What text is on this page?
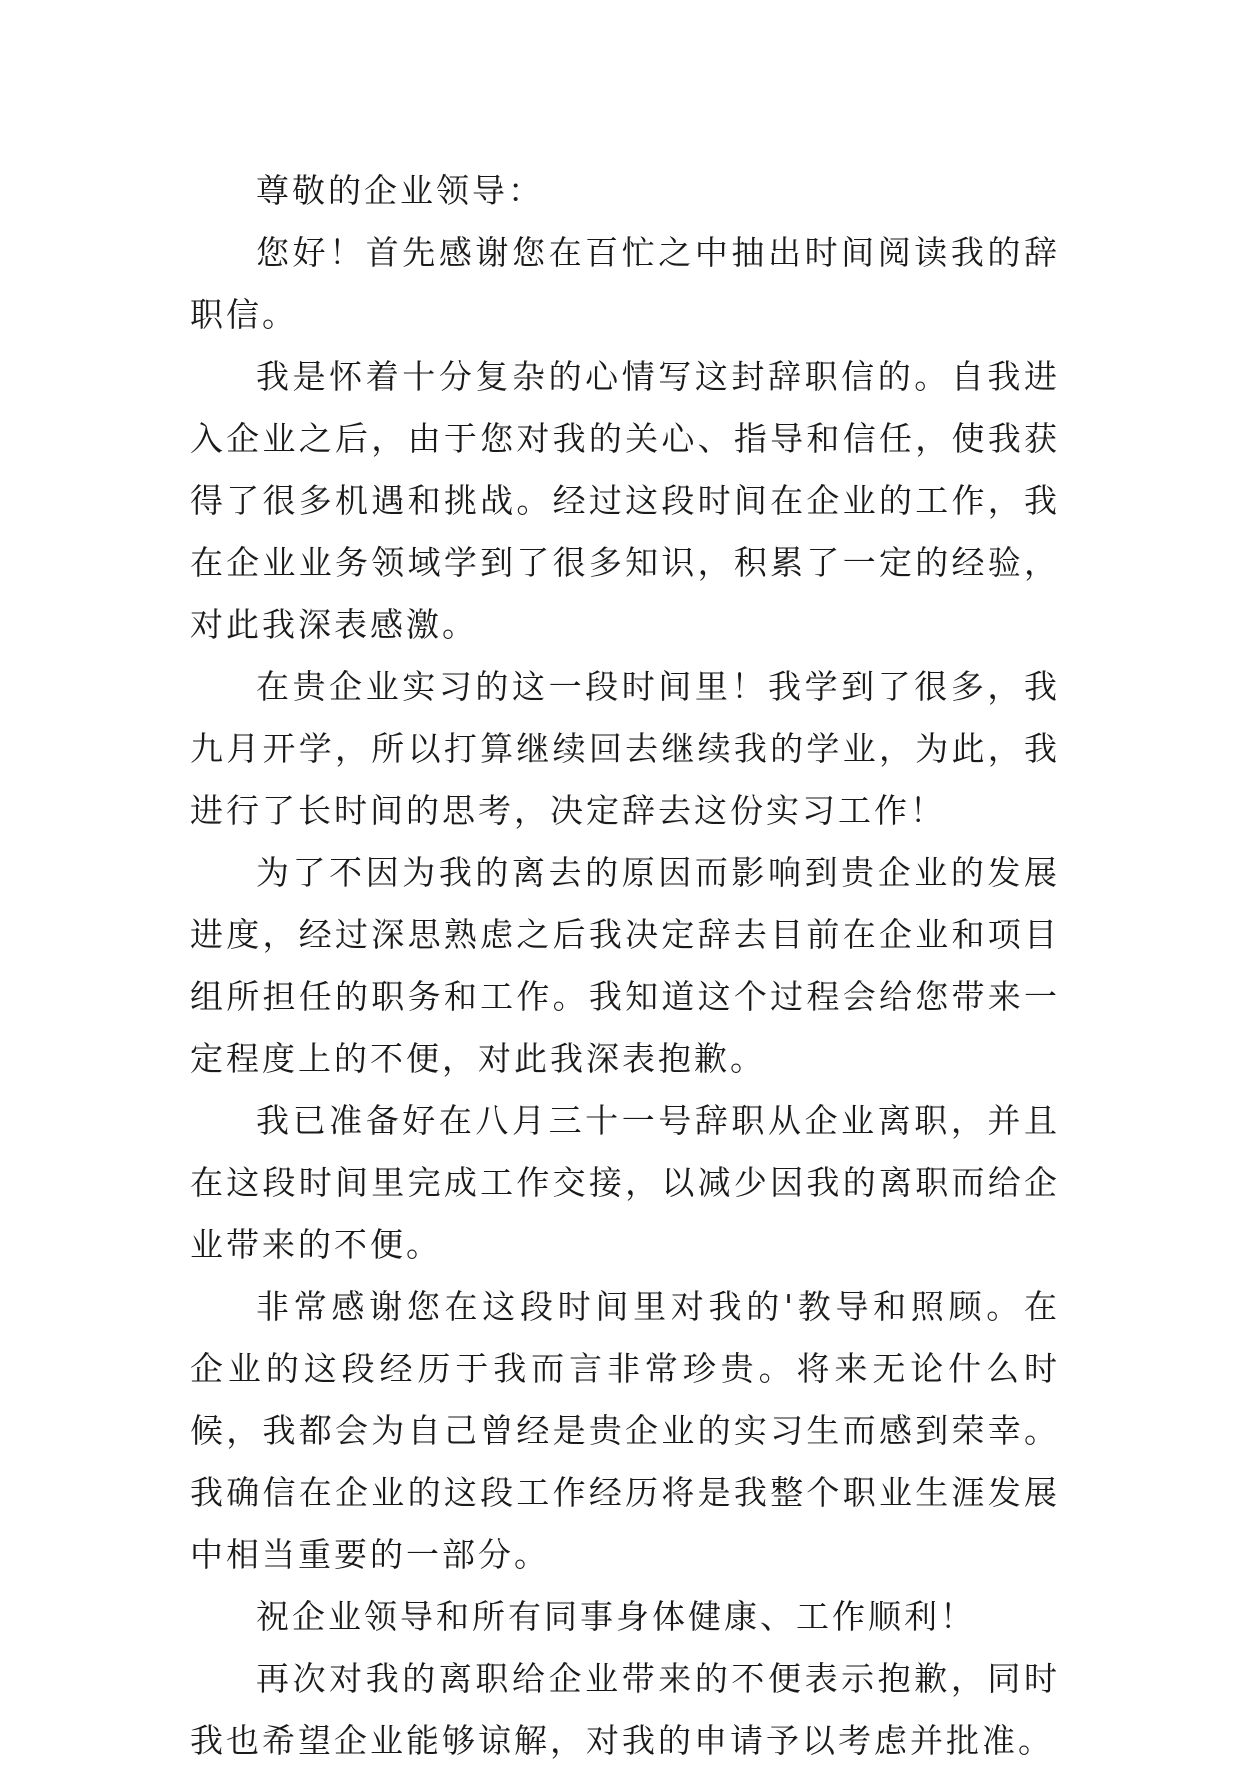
尊敬的企业领导：

您好！首先感谢您在百忙之中抽出时间阅读我的辞职信。

我是怀着十分复杂的心情写这封辞职信的。自我进入企业之后，由于您对我的关心、指导和信任，使我获得了很多机遇和挑战。经过这段时间在企业的工作，我在企业业务领域学到了很多知识，积累了一定的经验，对此我深表感激。

在贵企业实习的这一段时间里！我学到了很多，我九月开学，所以打算继续回去继续我的学业，为此，我进行了长时间的思考，决定辞去这份实习工作！

为了不因为我的离去的原因而影响到贵企业的发展进度，经过深思熟虑之后我决定辞去目前在企业和项目组所担任的职务和工作。我知道这个过程会给您带来一定程度上的不便，对此我深表抱歉。

我已准备好在八月三十一号辞职从企业离职，并且在这段时间里完成工作交接，以减少因我的离职而给企业带来的不便。

非常感谢您在这段时间里对我的'教导和照顾。在企业的这段经历于我而言非常珍贵。将来无论什么时候，我都会为自己曾经是贵企业的实习生而感到荣幸。我确信在企业的这段工作经历将是我整个职业生涯发展中相当重要的一部分。

祝企业领导和所有同事身体健康、工作顺利！

再次对我的离职给企业带来的不便表示抱歉，同时我也希望企业能够谅解，对我的申请予以考虑并批准。
